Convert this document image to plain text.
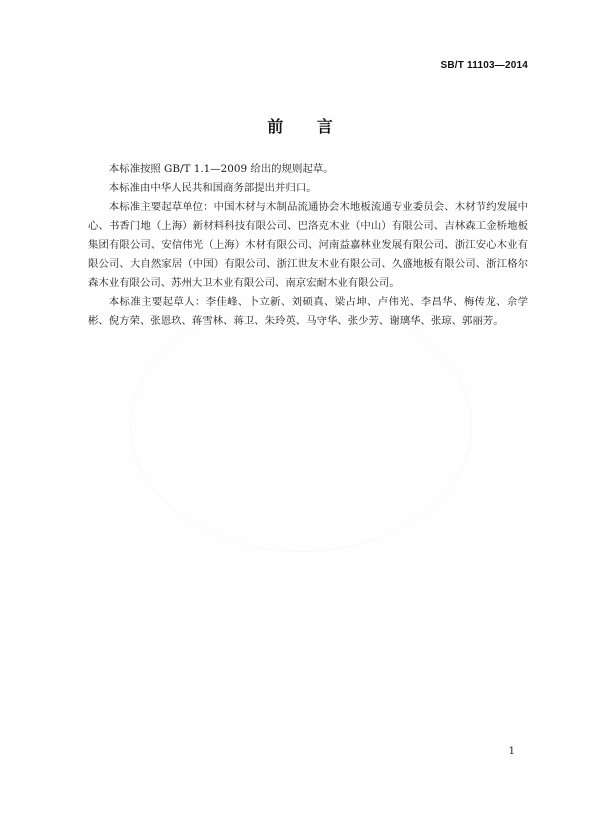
SB/T 11103—2014
前 言

本标准按照 GB/T 1.1—2009 给出的规则起草。

本标准由中华人民共和国商务部提出并归口。

本标准主要起草单位：中国木材与木制品流通协会木地板流通专业委员会、木材节约发展中心、书香门地（上海）新材料科技有限公司、巴洛克木业（中山）有限公司、吉林森工金桥地板集团有限公司、安信伟光（上海）木材有限公司、河南益嘉林业发展有限公司、浙江安心木业有限公司、大自然家居（中国）有限公司、浙江世友木业有限公司、久盛地板有限公司、浙江格尔森木业有限公司、苏州大卫木业有限公司、南京宏耐木业有限公司。

本标准主要起草人：李佳峰、卜立新、刘硕真、梁占坤、卢伟光、李昌华、梅传龙、佘学彬、倪方荣、张恩玖、蒋雪林、蒋卫、朱玲英、马守华、张少芳、谢璃华、张琼、郭丽芳。

1
